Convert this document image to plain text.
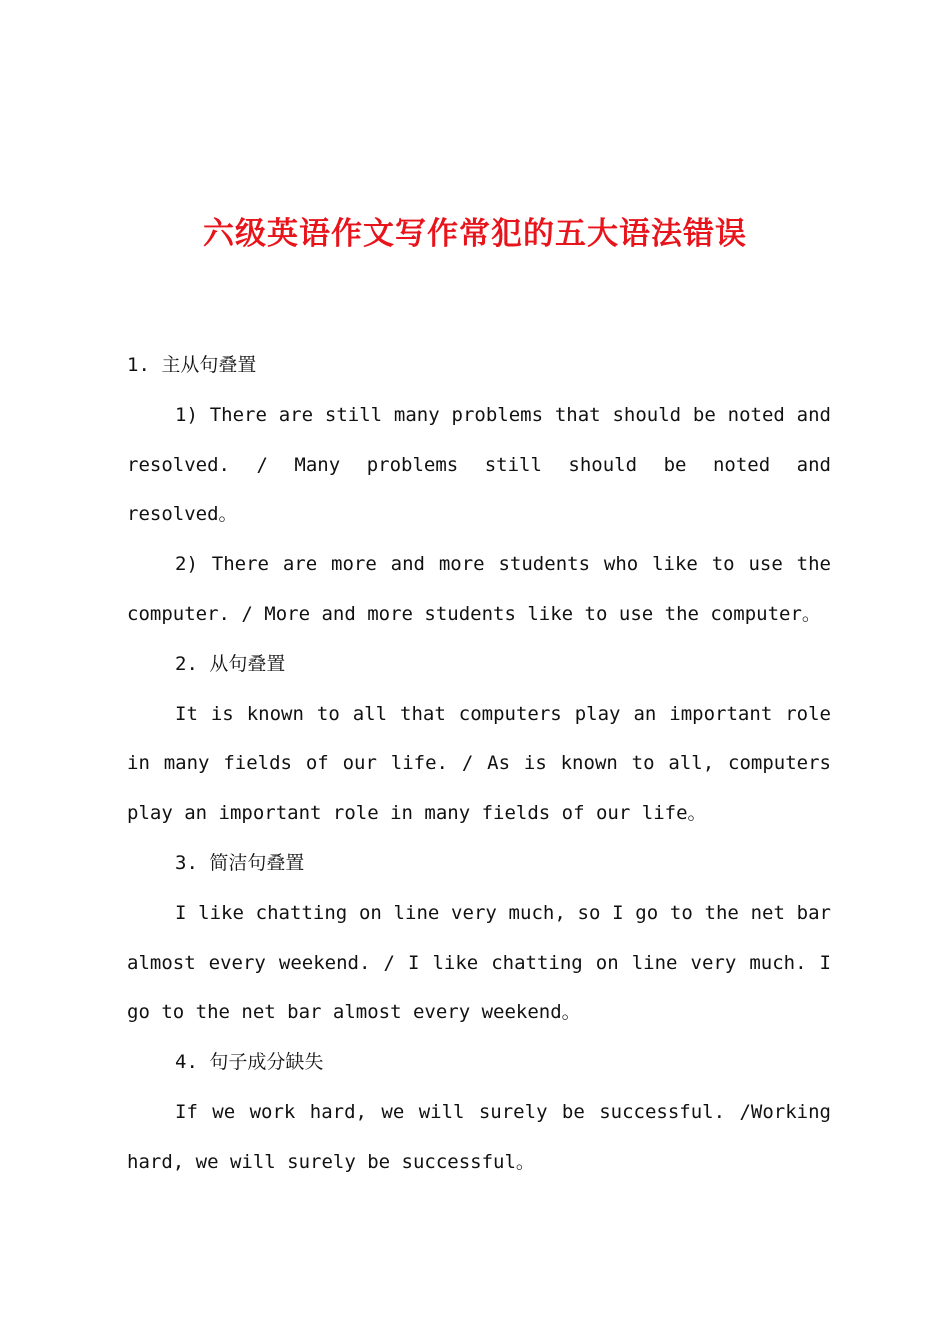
六级英语作文写作常犯的五大语法错误

1. 主从句叠置

1) There are still many problems that should be noted and resolved. / Many problems still should be noted and resolved。

2) There are more and more students who like to use the computer. / More and more students like to use the computer。

2. 从句叠置

It is known to all that computers play an important role in many fields of our life. / As is known to all, computers play an important role in many fields of our life。

3. 简洁句叠置

I like chatting on line very much, so I go to the net bar almost every weekend. / I like chatting on line very much. I go to the net bar almost every weekend。

4. 句子成分缺失

If we work hard, we will surely be successful. /Working hard, we will surely be successful。
